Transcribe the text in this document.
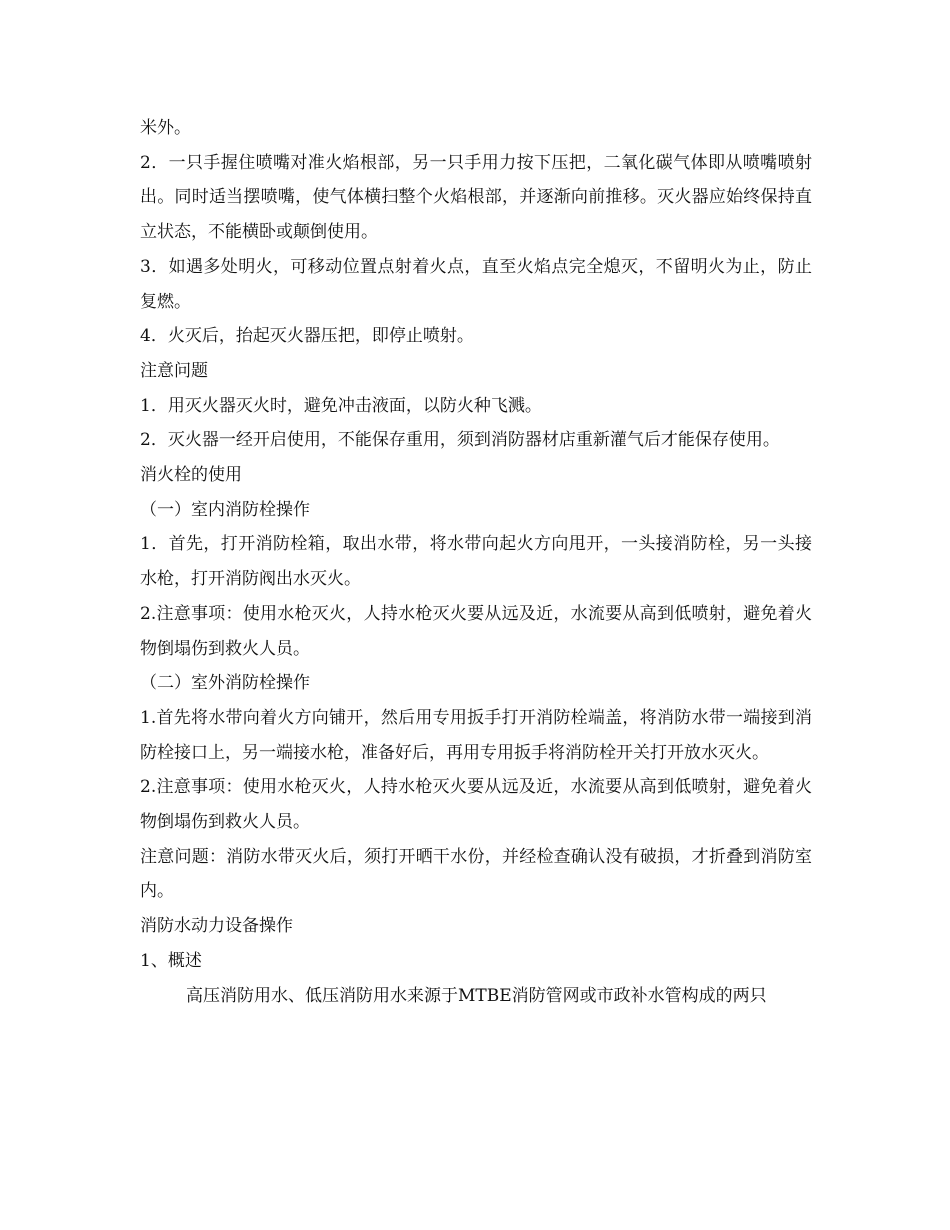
米外。

2．一只手握住喷嘴对准火焰根部，另一只手用力按下压把，二氧化碳气体即从喷嘴喷射出。同时适当摆喷嘴，使气体横扫整个火焰根部，并逐渐向前推移。灭火器应始终保持直立状态，不能横卧或颠倒使用。

3．如遇多处明火，可移动位置点射着火点，直至火焰点完全熄灭，不留明火为止，防止复燃。

4．火灭后，抬起灭火器压把，即停止喷射。

注意问题

1．用灭火器灭火时，避免冲击液面，以防火种飞溅。

2．灭火器一经开启使用，不能保存重用，须到消防器材店重新灌气后才能保存使用。

消火栓的使用

（一）室内消防栓操作

1．首先，打开消防栓箱，取出水带，将水带向起火方向甩开，一头接消防栓，另一头接水枪，打开消防阀出水灭火。

2.注意事项：使用水枪灭火，人持水枪灭火要从远及近，水流要从高到低喷射，避免着火物倒塌伤到救火人员。

（二）室外消防栓操作

1.首先将水带向着火方向铺开，然后用专用扳手打开消防栓端盖，将消防水带一端接到消防栓接口上，另一端接水枪，准备好后，再用专用扳手将消防栓开关打开放水灭火。

2.注意事项：使用水枪灭火，人持水枪灭火要从远及近，水流要从高到低喷射，避免着火物倒塌伤到救火人员。

注意问题：消防水带灭火后，须打开晒干水份，并经检查确认没有破损，才折叠到消防室内。

消防水动力设备操作

1、概述

高压消防用水、低压消防用水来源于MTBE消防管网或市政补水管构成的两只
